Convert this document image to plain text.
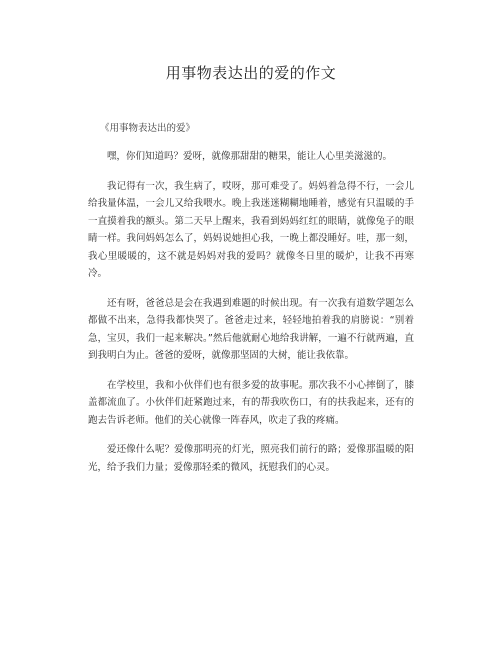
用事物表达出的爱的作文

《用事物表达出的爱》

嘿，你们知道吗？爱呀，就像那甜甜的糖果，能让人心里美滋滋的。

我记得有一次，我生病了，哎呀，那可难受了。妈妈着急得不行，一会儿给我量体温，一会儿又给我喂水。晚上我迷迷糊糊地睡着，感觉有只温暖的手一直摸着我的额头。第二天早上醒来，我看到妈妈红红的眼睛，就像兔子的眼睛一样。我问妈妈怎么了，妈妈说她担心我，一晚上都没睡好。哇，那一刻，我心里暖暖的，这不就是妈妈对我的爱吗？就像冬日里的暖炉，让我不再寒冷。

还有呀，爸爸总是会在我遇到难题的时候出现。有一次我有道数学题怎么都做不出来，急得我都快哭了。爸爸走过来，轻轻地拍着我的肩膀说：“别着急，宝贝，我们一起来解决。”然后他就耐心地给我讲解，一遍不行就两遍，直到我明白为止。爸爸的爱呀，就像那坚固的大树，能让我依靠。

在学校里，我和小伙伴们也有很多爱的故事呢。那次我不小心摔倒了，膝盖都流血了。小伙伴们赶紧跑过来，有的帮我吹伤口，有的扶我起来，还有的跑去告诉老师。他们的关心就像一阵春风，吹走了我的疼痛。

爱还像什么呢？爱像那明亮的灯光，照亮我们前行的路；爱像那温暖的阳光，给予我们力量；爱像那轻柔的微风，抚慰我们的心灵。
